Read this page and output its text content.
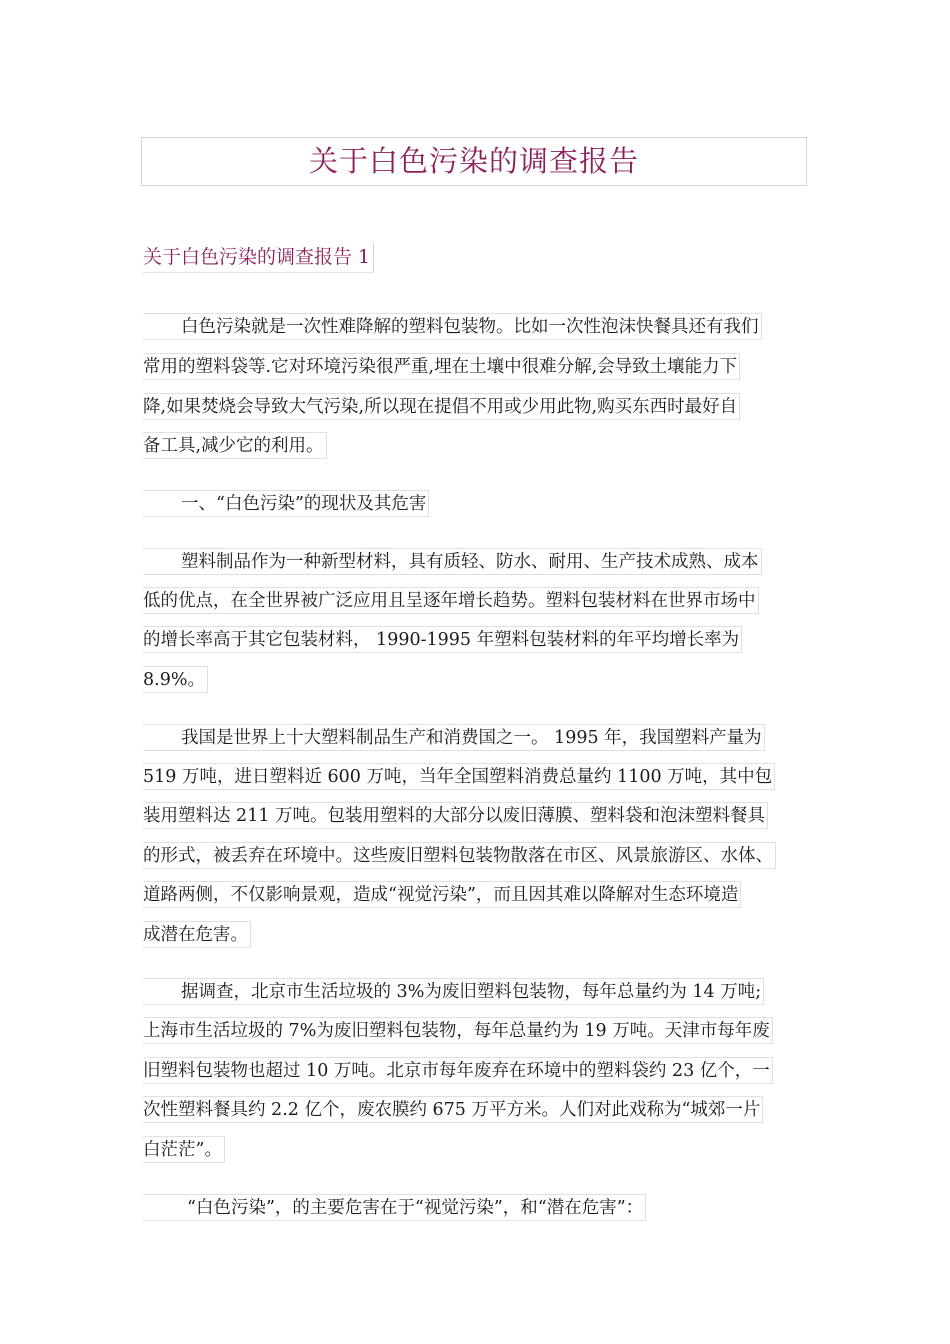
关于白色污染的调查报告
关于白色污染的调查报告 1
白色污染就是一次性难降解的塑料包装物。比如一次性泡沫快餐具还有我们
常用的塑料袋等.它对环境污染很严重,埋在土壤中很难分解,会导致土壤能力下
降,如果焚烧会导致大气污染,所以现在提倡不用或少用此物,购买东西时最好自
备工具,减少它的利用。
一、“白色污染”的现状及其危害
塑料制品作为一种新型材料，具有质轻、防水、耐用、生产技术成熟、成本
低的优点，在全世界被广泛应用且呈逐年增长趋势。塑料包装材料在世界市场中
的增长率高于其它包装材料， 1990-1995 年塑料包装材料的年平均增长率为
8.9%。
我国是世界上十大塑料制品生产和消费国之一。 1995 年，我国塑料产量为
519 万吨，进日塑料近 600 万吨，当年全国塑料消费总量约 1100 万吨，其中包
装用塑料达 211 万吨。包装用塑料的大部分以废旧薄膜、塑料袋和泡沫塑料餐具
的形式，被丢弃在环境中。这些废旧塑料包装物散落在市区、风景旅游区、水体、
道路两侧，不仅影响景观，造成“视觉污染”，而且因其难以降解对生态环境造
成潜在危害。
据调查，北京市生活垃圾的 3%为废旧塑料包装物，每年总量约为 14 万吨;
上海市生活垃圾的 7%为废旧塑料包装物，每年总量约为 19 万吨。天津市每年废
旧塑料包装物也超过 10 万吨。北京市每年废弃在环境中的塑料袋约 23 亿个，一
次性塑料餐具约 2.2 亿个，废农膜约 675 万平方米。人们对此戏称为“城郊一片
白茫茫”。
“白色污染”，的主要危害在于“视觉污染”，和“潜在危害”：
